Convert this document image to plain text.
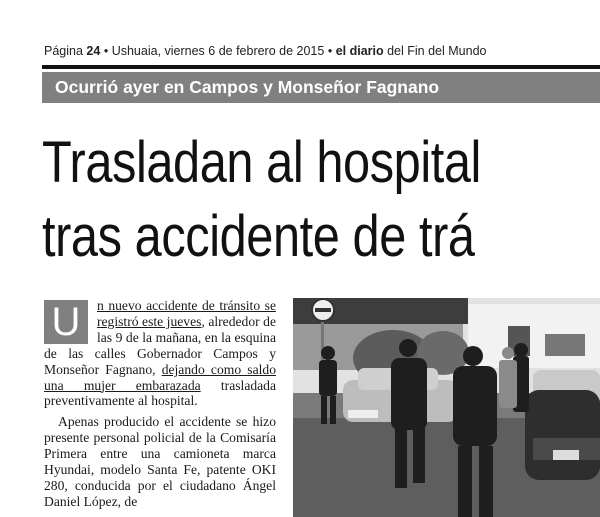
Página 24 • Ushuaia, viernes 6 de febrero de 2015 • el diario del Fin del Mundo
Ocurrió ayer en Campos y Monseñor Fagnano
Trasladan al hospital
tras accidente de trá
U	n nuevo accidente de tránsito se registró este jueves, alrededor de las 9 de la mañana, en la esquina de las calles Gobernador Campos y Monseñor Fagnano, dejando como saldo una mujer embarazada trasladada preventivamente al hospital.

Apenas producido el accidente se hizo presente personal policial de la Comisaría Primera entre una camioneta marca Hyundai, modelo Santa Fe, patente OKI 280, conducida por el ciudadano Ángel Daniel López, de
